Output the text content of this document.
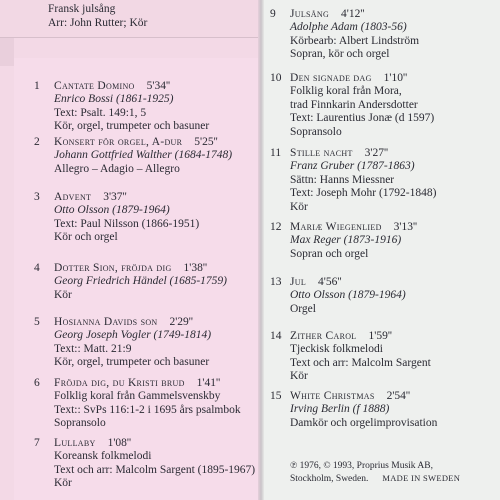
Fransk julsång
Arr: John Rutter; Kör
1 Cantate Domino 5'34''
Enrico Bossi (1861-1925)
Text: Psalt. 149:1, 5
Kör, orgel, trumpeter och basuner
2 Konsert för orgel, A-dur 5'25''
Johann Gottfried Walther (1684-1748)
Allegro – Adagio – Allegro
3 Advent 3'37''
Otto Olsson (1879-1964)
Text: Paul Nilsson (1866-1951)
Kör och orgel
4 Dotter Sion, fröjda dig 1'38''
Georg Friedrich Händel (1685-1759)
Kör
5 Hosianna Davids son 2'29''
Georg Joseph Vogler (1749-1814)
Text:: Matt. 21:9
Kör, orgel, trumpeter och basuner
6 Fröjda dig, du Kristi brud 1'41''
Folklig koral från Gammelsvenskby
Text:: SvPs 116:1-2 i 1695 års psalmbok
Sopransolo
7 Lullaby 1'08''
Koreansk folkmelodi
Text och arr: Malcolm Sargent (1895-1967)
Kör
9 Julsång 4'12''
Adolphe Adam (1803-56)
Körbearb: Albert Lindström
Sopran, kör och orgel
10 Den signade dag 1'10''
Folklig koral från Mora,
trad Finnkarin Andersdotter
Text: Laurentius Jonæ (d 1597)
Sopransolo
11 Stille nacht 3'27''
Franz Gruber (1787-1863)
Sättn: Hanns Miessner
Text: Joseph Mohr (1792-1848)
Kör
12 Mariæ Wiegenlied 3'13''
Max Reger (1873-1916)
Sopran och orgel
13 Jul 4'56''
Otto Olsson (1879-1964)
Orgel
14 Zither Carol 1'59''
Tjeckisk folkmelodi
Text och arr: Malcolm Sargent
Kör
15 White Christmas 2'54''
Irving Berlin (f 1888)
Damkör och orgelimprovisation
℗ 1976, © 1993, Proprius Musik AB,
Stockholm, Sweden. MADE IN SWEDEN
